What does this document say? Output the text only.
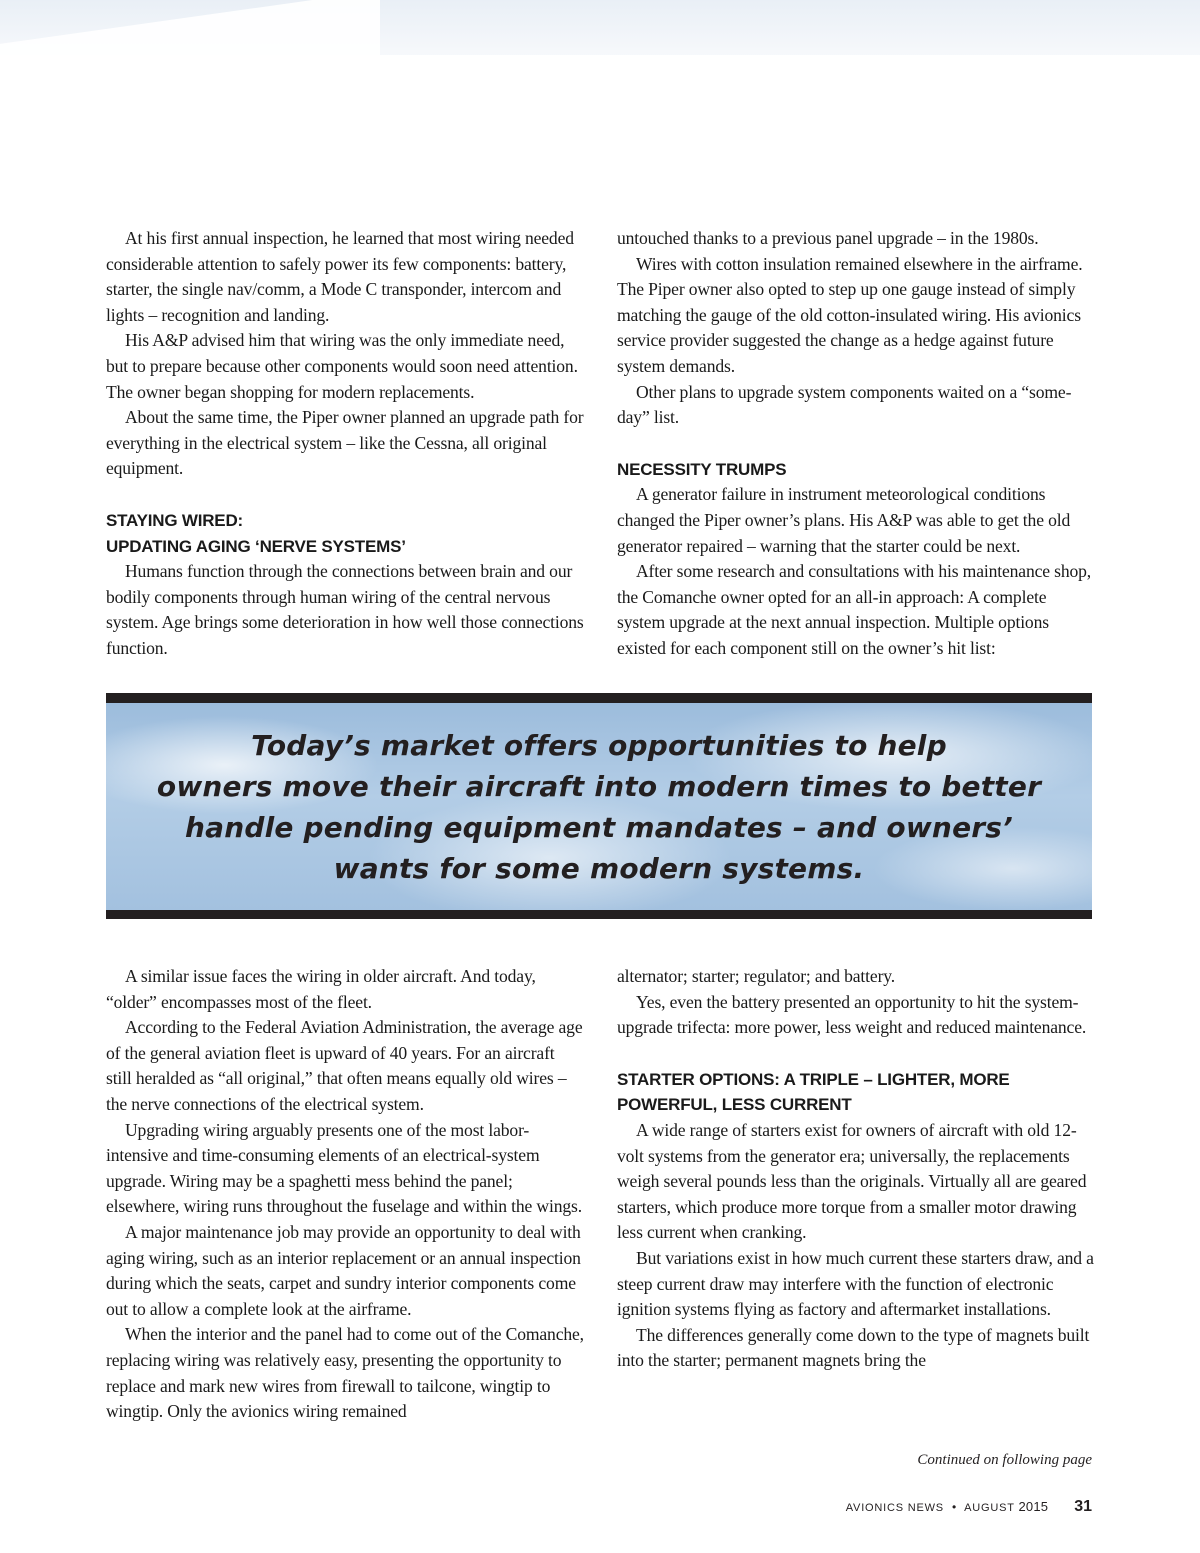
At his first annual inspection, he learned that most wiring needed considerable attention to safely power its few components: battery, starter, the single nav/comm, a Mode C transponder, intercom and lights – recognition and landing.

His A&P advised him that wiring was the only immediate need, but to prepare because other components would soon need attention. The owner began shopping for modern replacements.

About the same time, the Piper owner planned an upgrade path for everything in the electrical system – like the Cessna, all original equipment.

STAYING WIRED:
UPDATING AGING ‘NERVE SYSTEMS’

Humans function through the connections between brain and our bodily components through human wiring of the central nervous system. Age brings some deterioration in how well those connections function.

untouched thanks to a previous panel upgrade – in the 1980s.

Wires with cotton insulation remained elsewhere in the airframe. The Piper owner also opted to step up one gauge instead of simply matching the gauge of the old cotton-insulated wiring. His avionics service provider suggested the change as a hedge against future system demands.

Other plans to upgrade system components waited on a “some-day” list.

NECESSITY TRUMPS

A generator failure in instrument meteorological conditions changed the Piper owner’s plans. His A&P was able to get the old generator repaired – warning that the starter could be next.

After some research and consultations with his maintenance shop, the Comanche owner opted for an all-in approach: A complete system upgrade at the next annual inspection. Multiple options existed for each component still on the owner’s hit list:

Today’s market offers opportunities to help
owners move their aircraft into modern times to better
handle pending equipment mandates – and owners’
wants for some modern systems.

A similar issue faces the wiring in older aircraft. And today, “older” encompasses most of the fleet.

According to the Federal Aviation Administration, the average age of the general aviation fleet is upward of 40 years. For an aircraft still heralded as “all original,” that often means equally old wires – the nerve connections of the electrical system.

Upgrading wiring arguably presents one of the most labor-intensive and time-consuming elements of an electrical-system upgrade. Wiring may be a spaghetti mess behind the panel; elsewhere, wiring runs throughout the fuselage and within the wings.

A major maintenance job may provide an opportunity to deal with aging wiring, such as an interior replacement or an annual inspection during which the seats, carpet and sundry interior components come out to allow a complete look at the airframe.

When the interior and the panel had to come out of the Comanche, replacing wiring was relatively easy, presenting the opportunity to replace and mark new wires from firewall to tailcone, wingtip to wingtip. Only the avionics wiring remained

alternator; starter; regulator; and battery.

Yes, even the battery presented an opportunity to hit the system-upgrade trifecta: more power, less weight and reduced maintenance.

STARTER OPTIONS: A TRIPLE – LIGHTER, MORE
POWERFUL, LESS CURRENT

A wide range of starters exist for owners of aircraft with old 12-volt systems from the generator era; universally, the replacements weigh several pounds less than the originals. Virtually all are geared starters, which produce more torque from a smaller motor drawing less current when cranking.

But variations exist in how much current these starters draw, and a steep current draw may interfere with the function of electronic ignition systems flying as factory and aftermarket installations.

The differences generally come down to the type of magnets built into the starter; permanent magnets bring the

Continued on following page
AVIONICS NEWS • AUGUST 2015 31
